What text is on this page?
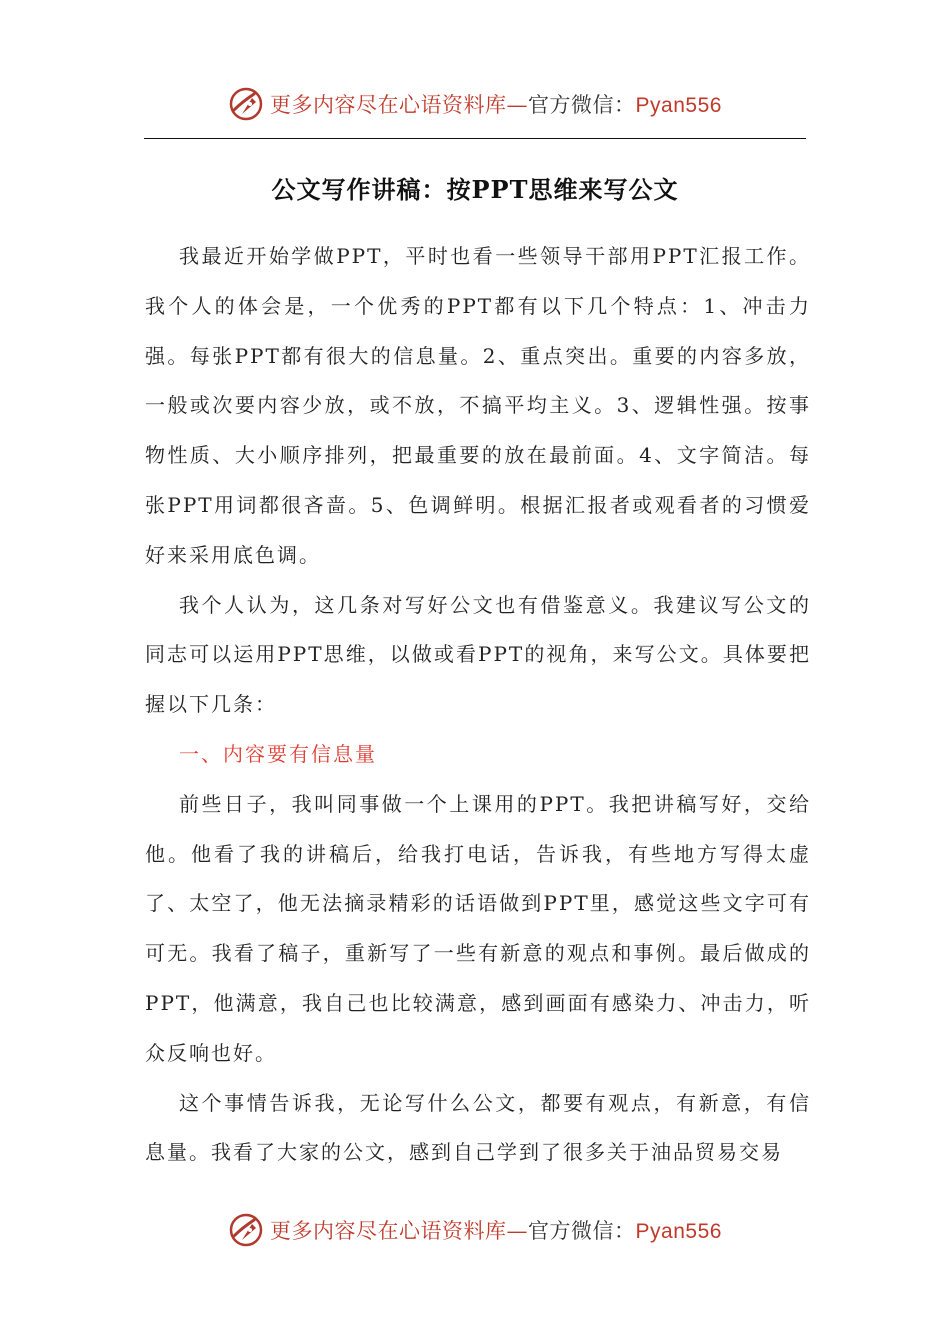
更多内容尽在心语资料库—官方微信：Pyan556
公文写作讲稿：按PPT思维来写公文

我最近开始学做PPT，平时也看一些领导干部用PPT汇报工作。我个人的体会是，一个优秀的PPT都有以下几个特点：1、冲击力强。每张PPT都有很大的信息量。2、重点突出。重要的内容多放，一般或次要内容少放，或不放，不搞平均主义。3、逻辑性强。按事物性质、大小顺序排列，把最重要的放在最前面。4、文字简洁。每张PPT用词都很吝啬。5、色调鲜明。根据汇报者或观看者的习惯爱好来采用底色调。

我个人认为，这几条对写好公文也有借鉴意义。我建议写公文的同志可以运用PPT思维，以做或看PPT的视角，来写公文。具体要把握以下几条：

一、内容要有信息量

前些日子，我叫同事做一个上课用的PPT。我把讲稿写好，交给他。他看了我的讲稿后，给我打电话，告诉我，有些地方写得太虚了、太空了，他无法摘录精彩的话语做到PPT里，感觉这些文字可有可无。我看了稿子，重新写了一些有新意的观点和事例。最后做成的PPT，他满意，我自己也比较满意，感到画面有感染力、冲击力，听众反响也好。

这个事情告诉我，无论写什么公文，都要有观点，有新意，有信息量。我看了大家的公文，感到自己学到了很多关于油品贸易交易

更多内容尽在心语资料库—官方微信：Pyan556
